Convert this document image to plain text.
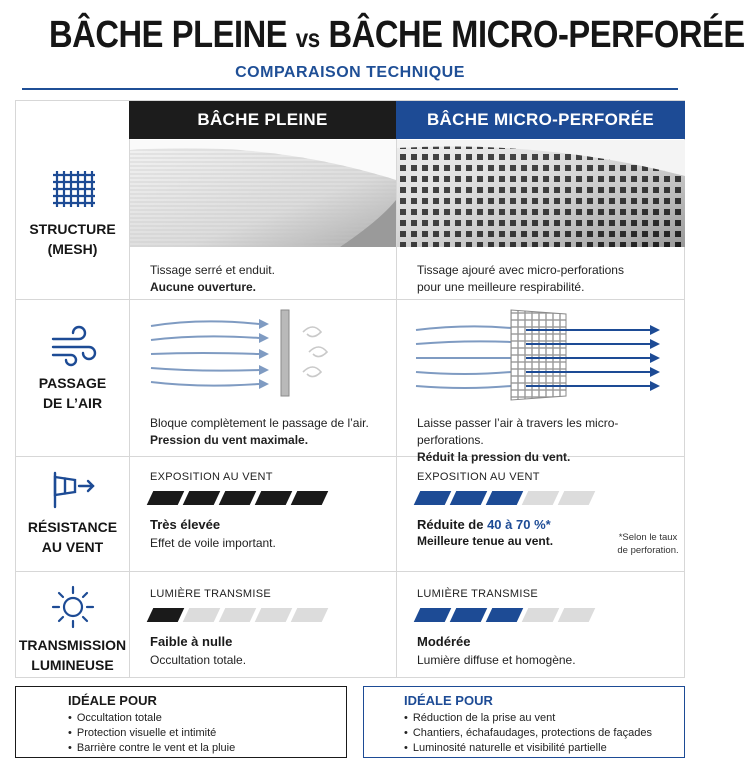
BÂCHE PLEINE vs BÂCHE MICRO-PERFORÉE
COMPARAISON TECHNIQUE
BÂCHE PLEINE	BÂCHE MICRO-PERFORÉE
STRUCTURE
(MESH)
Tissage serré et enduit.
Aucune ouverture.
Tissage ajouré avec micro-perforations
pour une meilleure respirabilité.
PASSAGE
DE L’AIR
Bloque complètement le passage de l’air.
Pression du vent maximale.
Laisse passer l’air à travers les micro-perforations.
Réduit la pression du vent.
RÉSISTANCE
AU VENT
EXPOSITION AU VENT
Très élevée
Effet de voile important.
EXPOSITION AU VENT
Réduite de 40 à 70 %*
Meilleure tenue au vent.	*Selon le taux
de perforation.
TRANSMISSION
LUMINEUSE
LUMIÈRE TRANSMISE
Faible à nulle
Occultation totale.
LUMIÈRE TRANSMISE
Modérée
Lumière diffuse et homogène.
IDÉALE POUR
• Occultation totale
• Protection visuelle et intimité
• Barrière contre le vent et la pluie
IDÉALE POUR
• Réduction de la prise au vent
• Chantiers, échafaudages, protections de façades
• Luminosité naturelle et visibilité partielle
